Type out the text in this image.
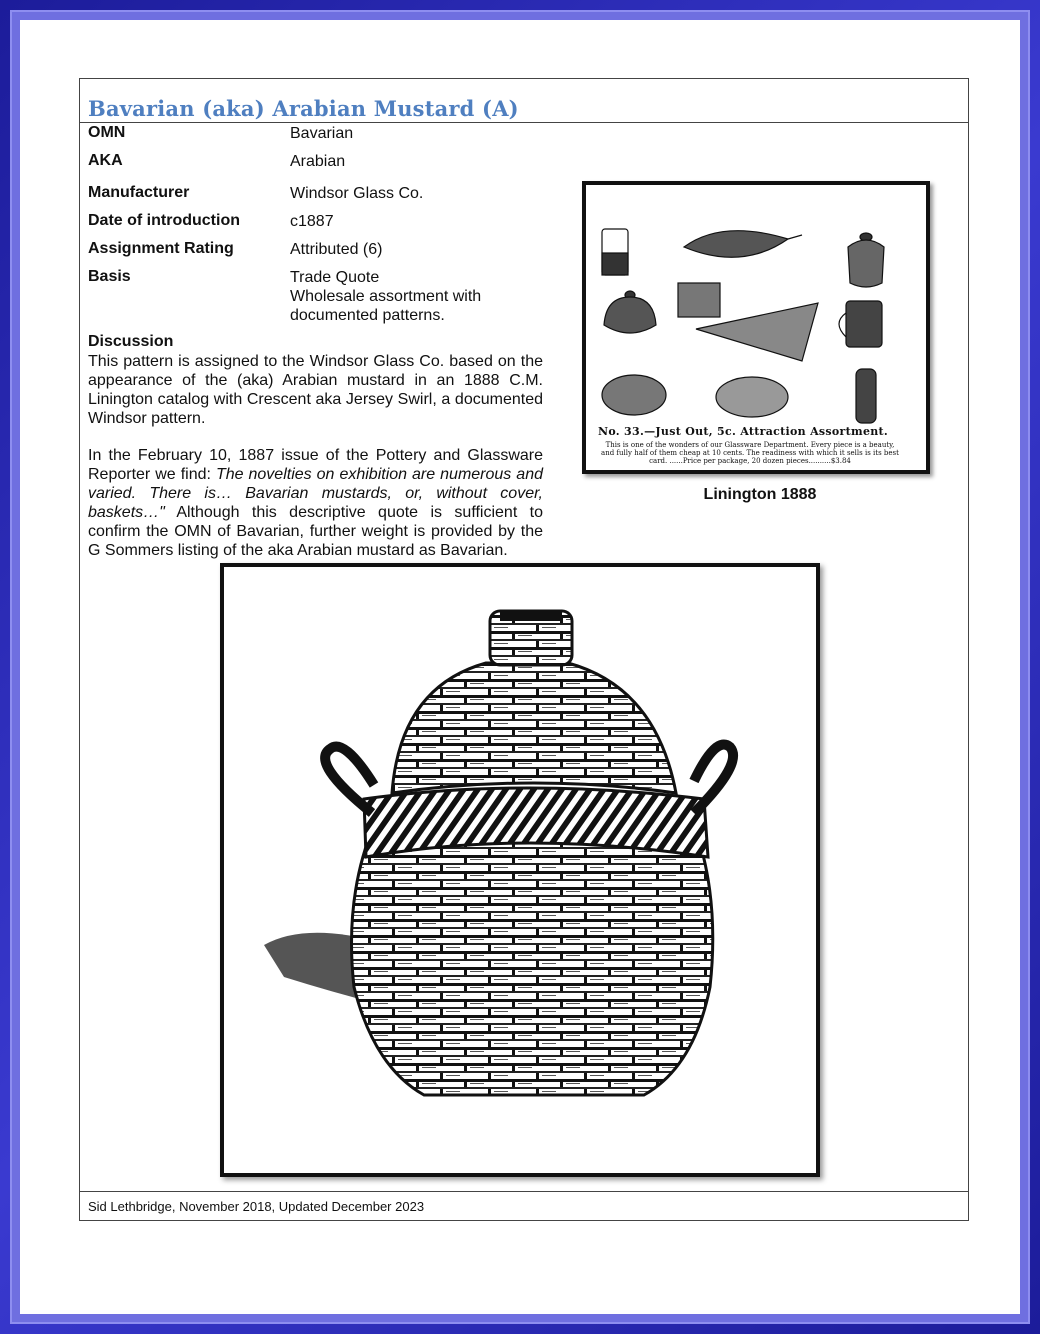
Bavarian (aka) Arabian Mustard (A)
OMN	Bavarian
AKA	Arabian
Manufacturer	Windsor Glass Co.
Date of introduction	c1887
Assignment Rating	Attributed (6)
Basis	Trade Quote
Wholesale assortment with
documented patterns.
Discussion
This pattern is assigned to the Windsor Glass Co. based on the appearance of the (aka) Arabian mustard in an 1888 C.M. Linington catalog with Crescent aka Jersey Swirl, a documented Windsor pattern.
In the February 10, 1887 issue of the Pottery and Glassware Reporter we find: The novelties on exhibition are numerous and varied. There is… Bavarian mustards, or, without cover, baskets…" Although this descriptive quote is sufficient to confirm the OMN of Bavarian, further weight is provided by the G Sommers listing of the aka Arabian mustard as Bavarian.
No. 33.—Just Out, 5c. Attraction Assortment.
This is one of the wonders of our Glassware Department. Every piece is a beauty, and fully half of them cheap at 10 cents. The readiness with which it sells is its best card. ......Price per package, 20 dozen pieces..........$3.84
Linington 1888
Sid Lethbridge, November 2018, Updated December 2023
